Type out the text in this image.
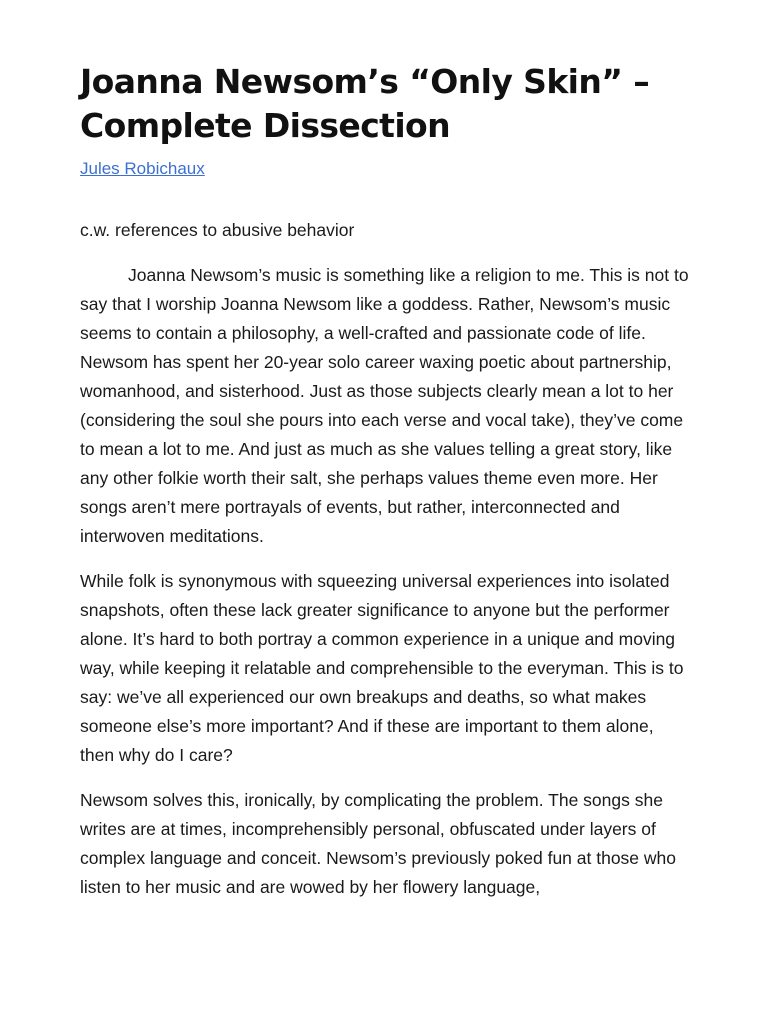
Joanna Newsom’s “Only Skin” –
Complete Dissection
Jules Robichaux

c.w. references to abusive behavior

Joanna Newsom’s music is something like a religion to me. This is not to say that I worship Joanna Newsom like a goddess. Rather, Newsom’s music seems to contain a philosophy, a well-crafted and passionate code of life. Newsom has spent her 20-year solo career waxing poetic about partnership, womanhood, and sisterhood. Just as those subjects clearly mean a lot to her (considering the soul she pours into each verse and vocal take), they’ve come to mean a lot to me. And just as much as she values telling a great story, like any other folkie worth their salt, she perhaps values theme even more. Her songs aren’t mere portrayals of events, but rather, interconnected and interwoven meditations.

While folk is synonymous with squeezing universal experiences into isolated snapshots, often these lack greater significance to anyone but the performer alone. It’s hard to both portray a common experience in a unique and moving way, while keeping it relatable and comprehensible to the everyman. This is to say: we’ve all experienced our own breakups and deaths, so what makes someone else’s more important? And if these are important to them alone, then why do I care?

Newsom solves this, ironically, by complicating the problem. The songs she writes are at times, incomprehensibly personal, obfuscated under layers of complex language and conceit. Newsom’s previously poked fun at those who listen to her music and are wowed by her flowery language,
